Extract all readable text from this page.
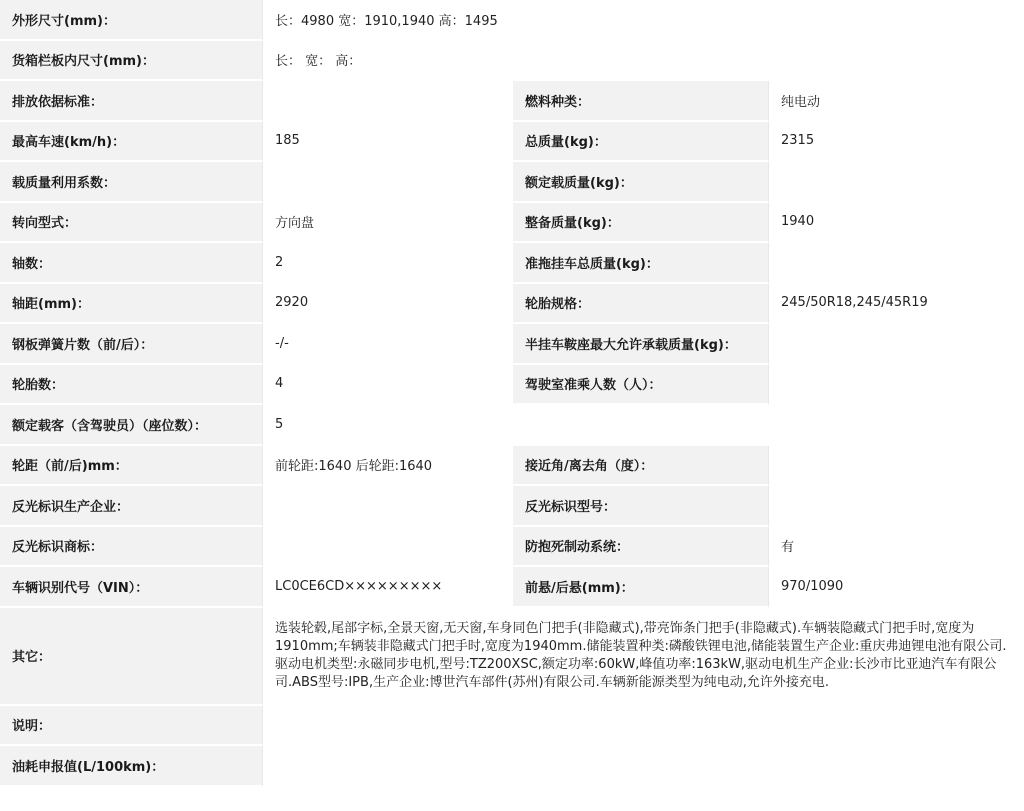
外形尺寸(mm)：	长：4980 宽：1910,1940 高：1495		
货箱栏板内尺寸(mm)：	长： 宽： 高：		
排放依据标准：		燃料种类：	纯电动
最高车速(km/h)：	185	总质量(kg)：	2315
载质量利用系数：		额定载质量(kg)：	
转向型式：	方向盘	整备质量(kg)：	1940
轴数：	2	准拖挂车总质量(kg)：	
轴距(mm)：	2920	轮胎规格：	245/50R18,245/45R19
钢板弹簧片数（前/后）：	-/-	半挂车鞍座最大允许承载质量(kg)：	
轮胎数：	4	驾驶室准乘人数（人）：	
额定载客（含驾驶员）（座位数）：	5		
轮距（前/后)mm：	前轮距:1640 后轮距:1640	接近角/离去角（度）：	
反光标识生产企业：		反光标识型号：	
反光标识商标：		防抱死制动系统：	有
车辆识别代号（VIN）：	LC0CE6CD×××××××××	前悬/后悬(mm)：	970/1090
其它：	选装轮毂,尾部字标,全景天窗,无天窗,车身同色门把手(非隐藏式),带亮饰条门把手(非隐藏式).车辆装隐藏式门把手时,宽度为1910mm;车辆装非隐藏式门把手时,宽度为1940mm.储能装置种类:磷酸铁锂电池,储能装置生产企业:重庆弗迪锂电池有限公司.驱动电机类型:永磁同步电机,型号:TZ200XSC,额定功率:60kW,峰值功率:163kW,驱动电机生产企业:长沙市比亚迪汽车有限公司.ABS型号:IPB,生产企业:博世汽车部件(苏州)有限公司.车辆新能源类型为纯电动,允许外接充电.		
说明：			
油耗申报值(L/100km)：			
